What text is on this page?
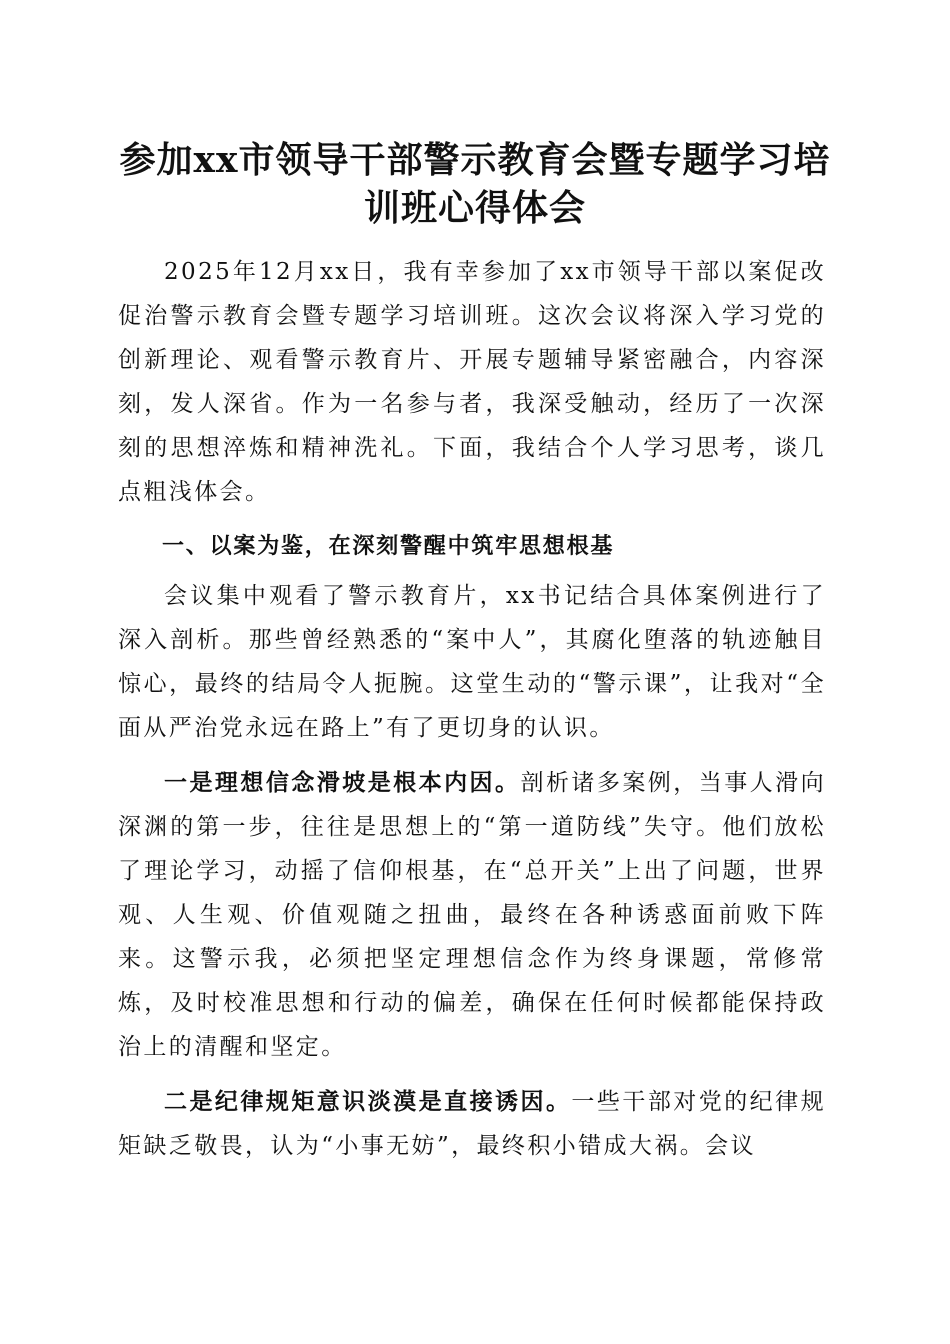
参加xx市领导干部警示教育会暨专题学习培训班心得体会

2025年12月xx日，我有幸参加了xx市领导干部以案促改促治警示教育会暨专题学习培训班。这次会议将深入学习党的创新理论、观看警示教育片、开展专题辅导紧密融合，内容深刻，发人深省。作为一名参与者，我深受触动，经历了一次深刻的思想淬炼和精神洗礼。下面，我结合个人学习思考，谈几点粗浅体会。

一、以案为鉴，在深刻警醒中筑牢思想根基

会议集中观看了警示教育片，xx书记结合具体案例进行了深入剖析。那些曾经熟悉的“案中人”，其腐化堕落的轨迹触目惊心，最终的结局令人扼腕。这堂生动的“警示课”，让我对“全面从严治党永远在路上”有了更切身的认识。

一是理想信念滑坡是根本内因。剖析诸多案例，当事人滑向深渊的第一步，往往是思想上的“第一道防线”失守。他们放松了理论学习，动摇了信仰根基，在“总开关”上出了问题，世界观、人生观、价值观随之扭曲，最终在各种诱惑面前败下阵来。这警示我，必须把坚定理想信念作为终身课题，常修常炼，及时校准思想和行动的偏差，确保在任何时候都能保持政治上的清醒和坚定。

二是纪律规矩意识淡漠是直接诱因。一些干部对党的纪律规矩缺乏敬畏，认为“小事无妨”，最终积小错成大祸。会议
